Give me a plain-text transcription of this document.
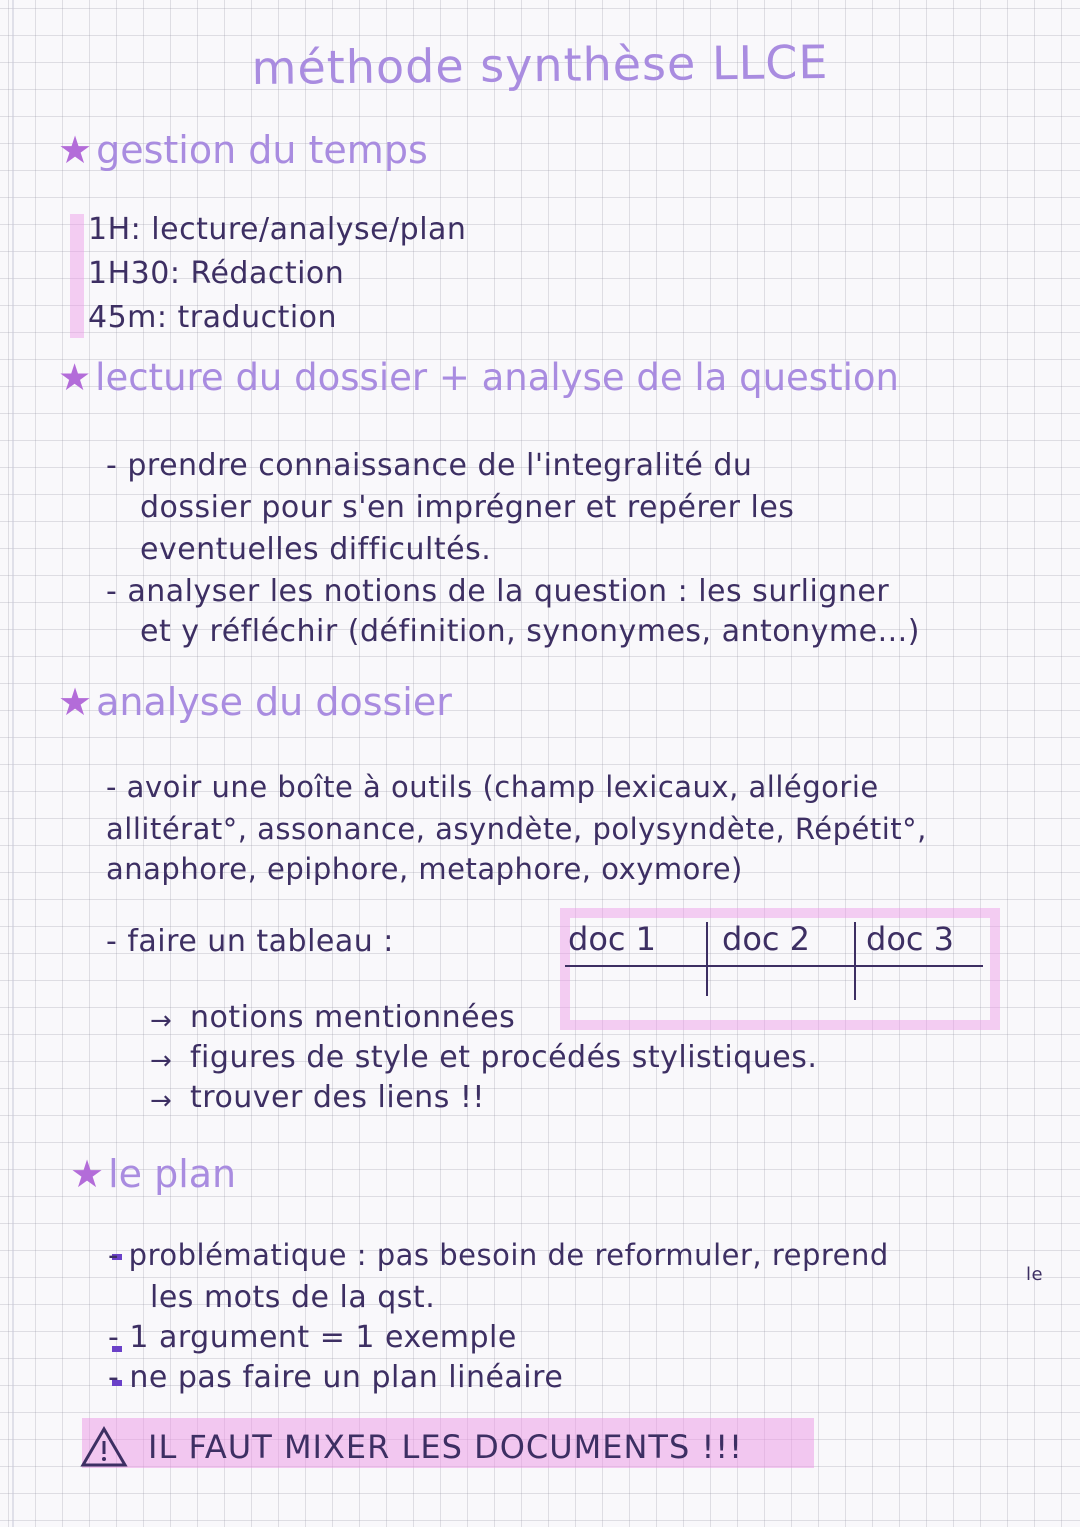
méthode synthèse LLCE
★ gestion du temps
1H: lecture/analyse/plan
1H30: Rédaction
45m: traduction
★ lecture du dossier + analyse de la question
- prendre connaissance de l'integralité du
dossier pour s'en imprégner et repérer les
eventuelles difficultés.
- analyser les notions de la question : les surligner
et y réfléchir (définition, synonymes, antonyme...)
★ analyse du dossier
- avoir une boîte à outils (champ lexicaux, allégorie
allitérat°, assonance, asyndète, polysyndète, Répétit°,
anaphore, epiphore, metaphore, oxymore)
- faire un tableau :	doc 1 doc 2 doc 3
→ notions mentionnées
→ figures de style et procédés stylistiques.
→ trouver des liens !!
★ le plan
- problématique : pas besoin de reformuler, reprend
le
les mots de la qst.
- 1 argument = 1 exemple
- ne pas faire un plan linéaire
IL FAUT MIXER LES DOCUMENTS !!!
